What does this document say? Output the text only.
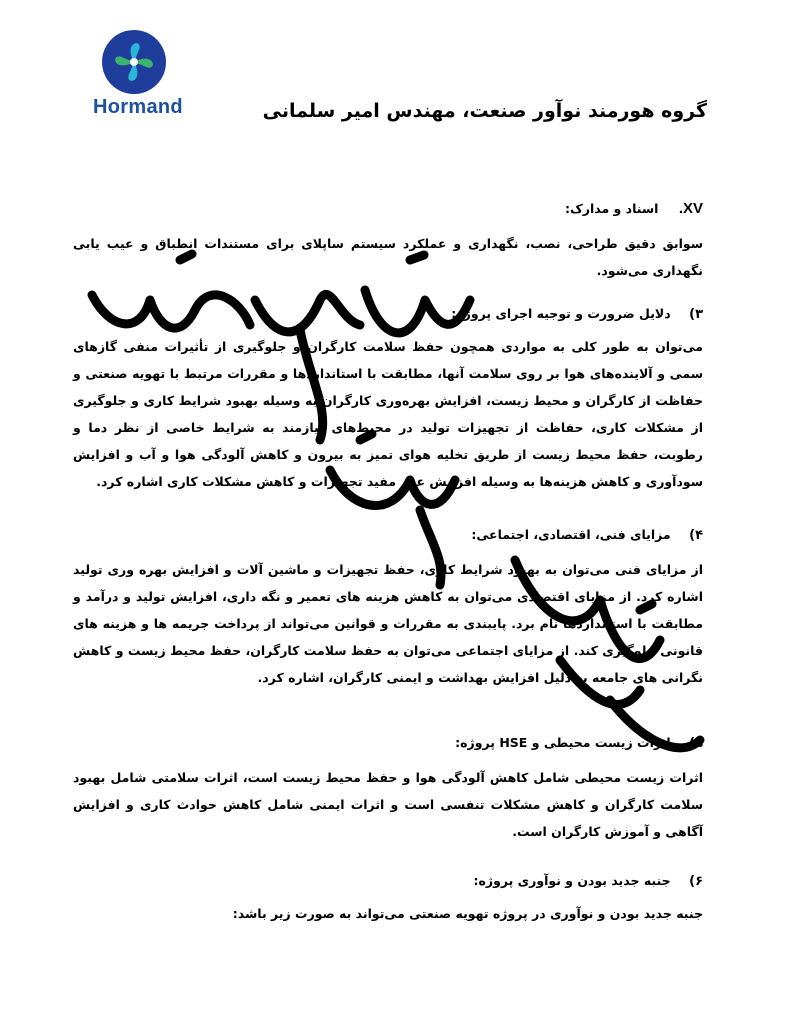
Hormand	گروه هورمند نوآور صنعت، مهندس امیر سلمانی
XV. اسناد و مدارک:
سوابق دقیق طراحی، نصب، نگهداری و عملکرد سیستم ساپلای برای مستندات انطباق و عیب یابی نگهداری می‌شود.
۳) دلایل ضرورت و توجیه اجرای پروژه:
می‌توان به طور کلی به مواردی همچون حفظ سلامت کارگران و جلوگیری از تأثیرات منفی گازهای سمی و آلاینده‌های هوا بر روی سلامت آنها، مطابقت با استانداردها و مقررات مرتبط با تهویه صنعتی و حفاظت از کارگران و محیط زیست، افزایش بهره‌وری کارگران به وسیله بهبود شرایط کاری و جلوگیری از مشکلات کاری، حفاظت از تجهیزات تولید در محیط‌های نیازمند به شرایط خاصی از نظر دما و رطوبت، حفظ محیط زیست از طریق تخلیه هوای تمیز به بیرون و کاهش آلودگی هوا و آب و افزایش سودآوری و کاهش هزینه‌ها به وسیله افزایش عمر مفید تجهیزات و کاهش مشکلات کاری اشاره کرد.
۴) مزایای فنی، اقتصادی، اجتماعی:
از مزایای فنی می‌توان به بهبود شرایط کاری، حفظ تجهیزات و ماشین آلات و افزایش بهره وری تولید اشاره کرد. از مزایای اقتصادی می‌توان به کاهش هزینه های تعمیر و نگه داری، افزایش تولید و درآمد و مطابقت با استانداردها نام برد. پایبندی به مقررات و قوانین می‌تواند از پرداخت جریمه ها و هزینه های قانونی جلوگیری کند. از مزایای اجتماعی می‌توان به حفظ سلامت کارگران، حفظ محیط زیست و کاهش نگرانی های جامعه به دلیل افزایش بهداشت و ایمنی کارگران، اشاره کرد.
۵) اثرات زیست محیطی و HSE پروژه:
اثرات زیست محیطی شامل کاهش آلودگی هوا و حفظ محیط زیست است، اثرات سلامتی شامل بهبود سلامت کارگران و کاهش مشکلات تنفسی است و اثرات ایمنی شامل کاهش حوادث کاری و افزایش آگاهی و آموزش کارگران است.
۶) جنبه جدید بودن و نوآوری پروژه:
جنبه جدید بودن و نوآوری در پروژه تهویه صنعتی می‌تواند به صورت زیر باشد:
